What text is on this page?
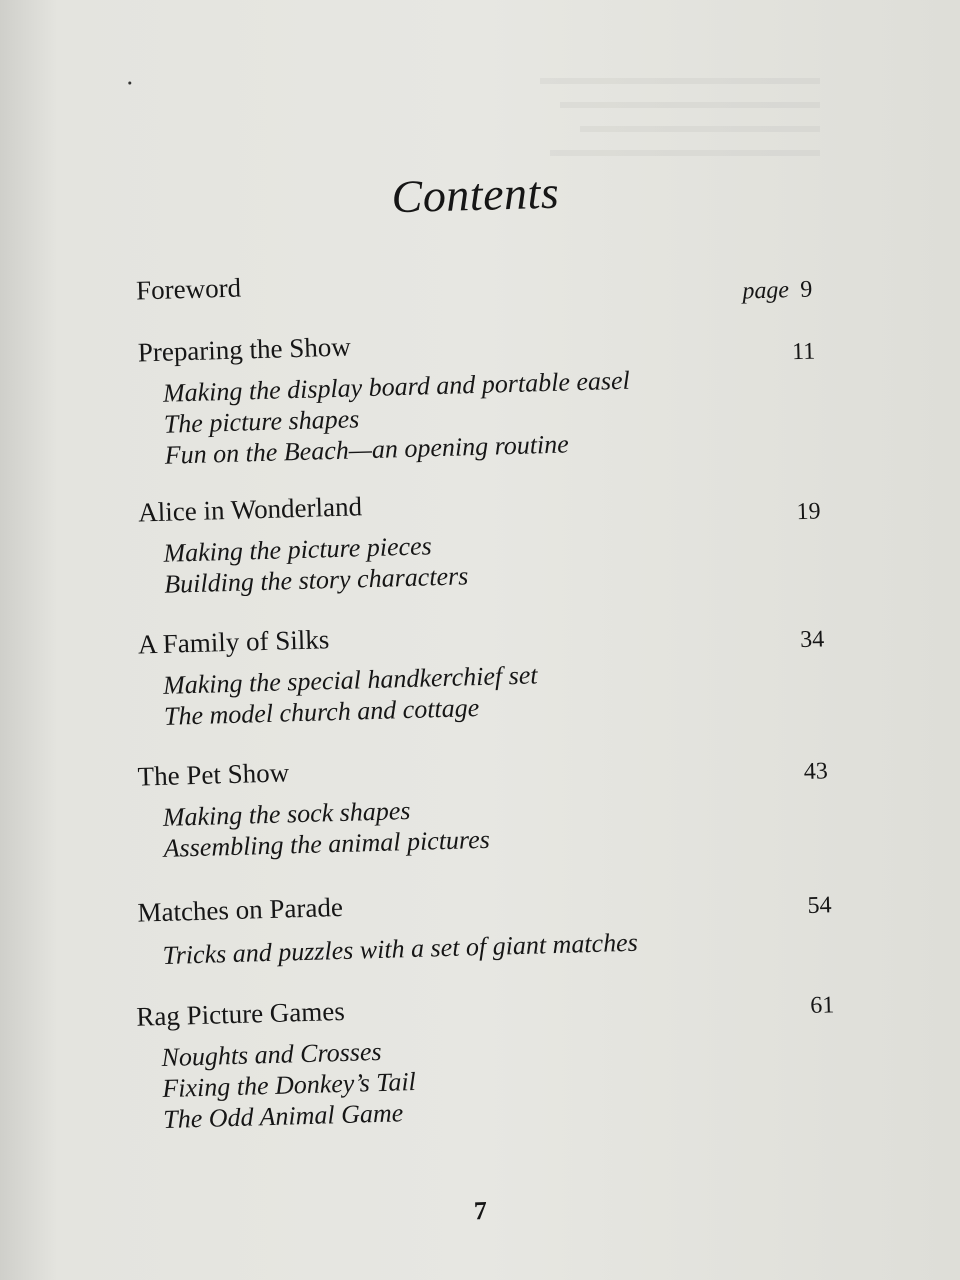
Contents
Foreword	page 9
Preparing the Show	11
Making the display board and portable easel
The picture shapes
Fun on the Beach—an opening routine
Alice in Wonderland	19
Making the picture pieces
Building the story characters
A Family of Silks	34
Making the special handkerchief set
The model church and cottage
The Pet Show	43
Making the sock shapes
Assembling the animal pictures
Matches on Parade	54
Tricks and puzzles with a set of giant matches
Rag Picture Games	61
Noughts and Crosses
Fixing the Donkey’s Tail
The Odd Animal Game
7
